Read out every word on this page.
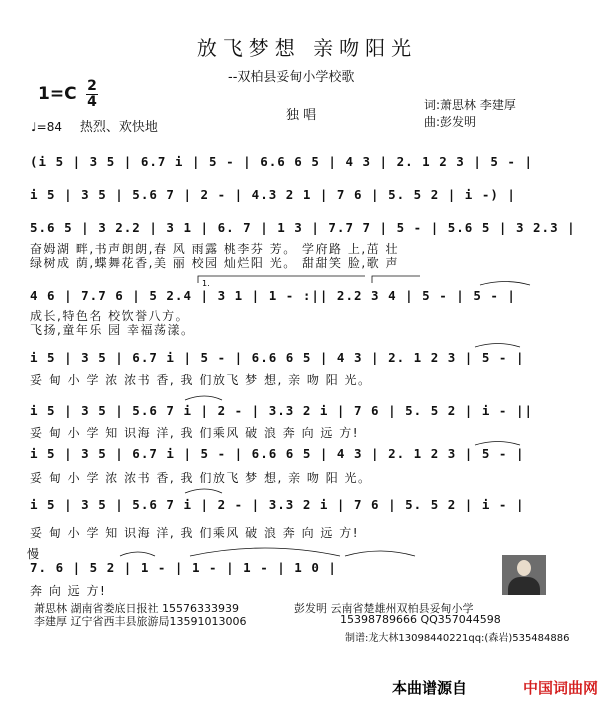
放飞梦想 亲吻阳光
--双柏县妥甸小学校歌
1=C 2
4
独 唱
词:萧思林 李建厚
曲:彭发明
♩=84 热烈、欢快地
(i 5 | 3 5 | 6.7 i | 5 - | 6.6 6 5 | 4 3 | 2. 1 2 3 | 5 - |
i 5 | 3 5 | 5.6 7 | 2 - | 4.3 2 1 | 7 6 | 5. 5 2 | i -) |
5.6 5 | 3 2.2 | 3 1 | 6. 7 | 1 3 | 7.7 7 | 5 - | 5.6 5 | 3 2.3 |
奋姆湖 畔,书声朗朗,春 风 雨露 桃李芬 芳。 学府路 上,茁 壮
绿树成 荫,蝶舞花香,美 丽 校园 灿烂阳 光。 甜甜笑 脸,歌 声
4 6 | 7.7 6 | 5 2.4 | 3 1 | 1 - :|| 2.2 3 4 | 5 - | 5 - |
成长,特色名 校饮誉八方。
飞扬,童年乐 园 幸福荡漾。
i 5 | 3 5 | 6.7 i | 5 - | 6.6 6 5 | 4 3 | 2. 1 2 3 | 5 - |
妥 甸 小 学 浓 浓书 香, 我 们放飞 梦 想, 亲 吻 阳 光。
i 5 | 3 5 | 5.6 7 i | 2 - | 3.3 2 i | 7 6 | 5. 5 2 | i - ||
妥 甸 小 学 知 识海 洋, 我 们乘风 破 浪 奔 向 远 方!
i 5 | 3 5 | 6.7 i | 5 - | 6.6 6 5 | 4 3 | 2. 1 2 3 | 5 - |
妥 甸 小 学 浓 浓书 香, 我 们放飞 梦 想, 亲 吻 阳 光。
i 5 | 3 5 | 5.6 7 i | 2 - | 3.3 2 i | 7 6 | 5. 5 2 | i - |
妥 甸 小 学 知 识海 洋, 我 们乘风 破 浪 奔 向 远 方!
慢
7. 6 | 5 2 | 1 - | 1 - | 1 - | 1 0 |
奔 向 远 方!
1.
萧思林 湖南省娄底日报社 15576333939
李建厚 辽宁省西丰县旅游局13591013006
彭发明 云南省楚雄州双柏县妥甸小学
15398789666 QQ357044598
制谱:龙大林13098440221qq:(森岩)535484886
本曲谱源自	中国词曲网
